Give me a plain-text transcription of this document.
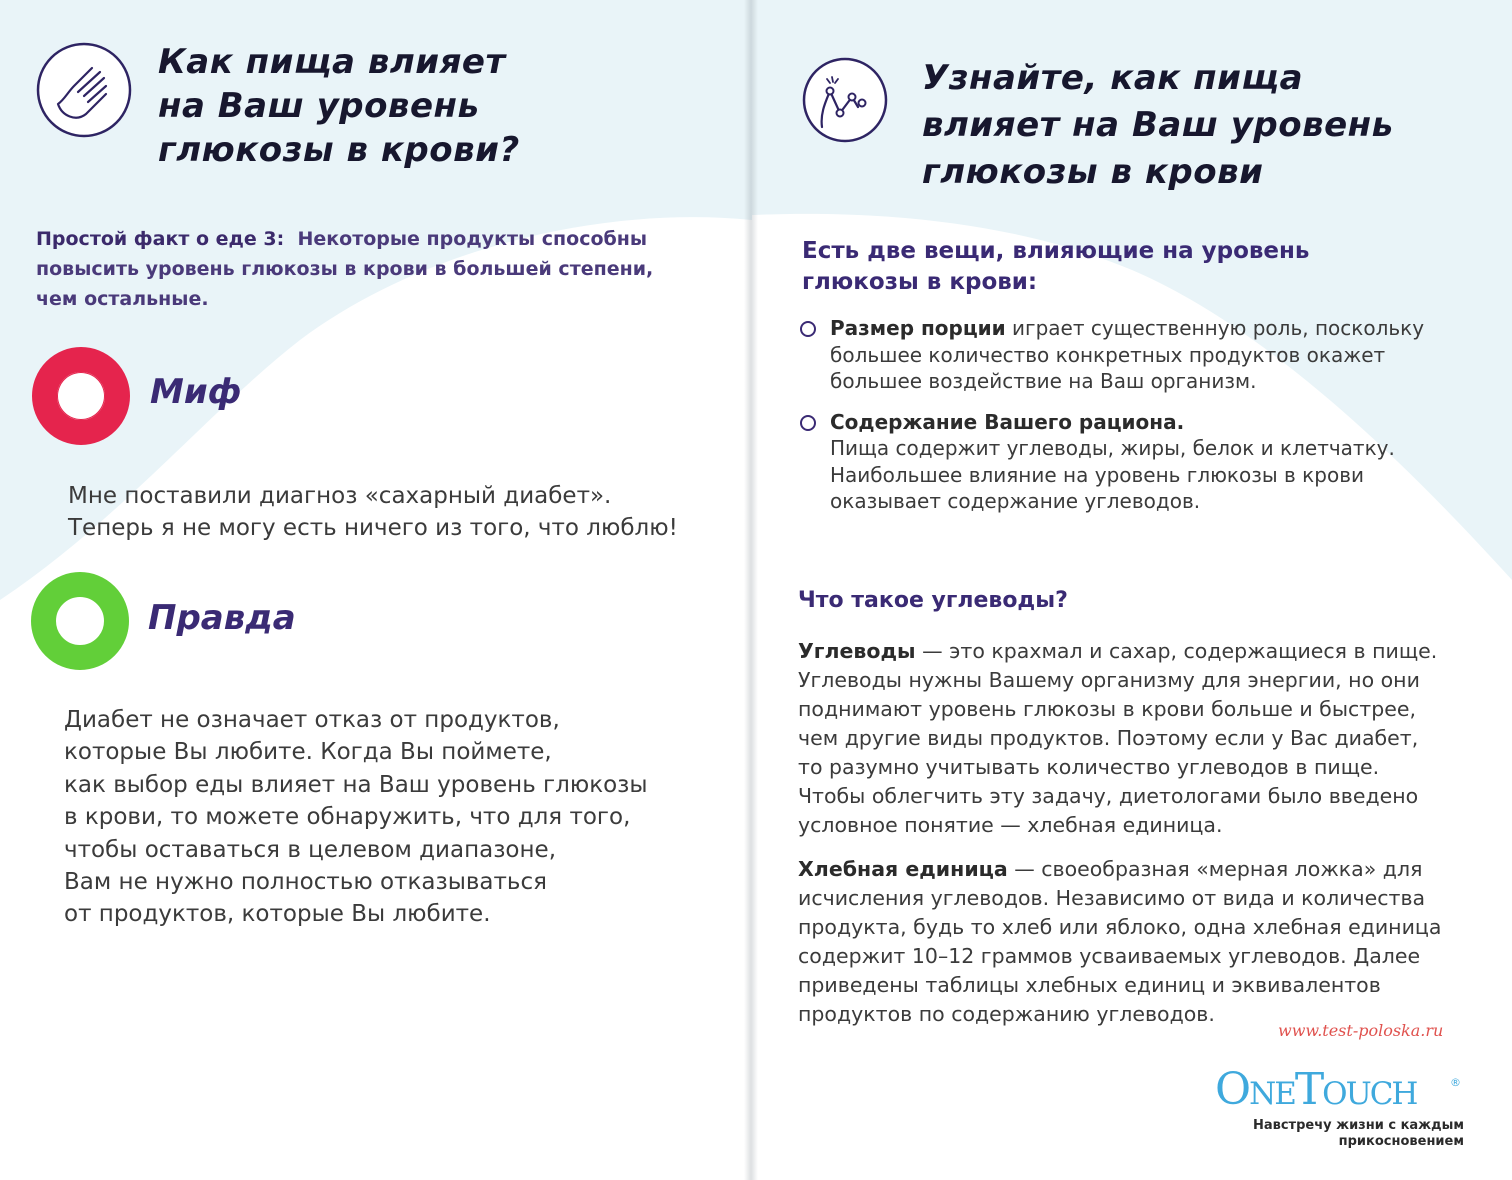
Как пища влияет
на Ваш уровень
глюкозы в крови?
Простой факт о еде 3: Некоторые продукты способны
повысить уровень глюкозы в крови в большей степени,
чем остальные.

Миф

Мне поставили диагноз «сахарный диабет».
Теперь я не могу есть ничего из того, что люблю!

Правда

Диабет не означает отказ от продуктов,
которые Вы любите. Когда Вы поймете,
как выбор еды влияет на Ваш уровень глюкозы
в крови, то можете обнаружить, что для того,
чтобы оставаться в целевом диапазоне,
Вам не нужно полностью отказываться
от продуктов, которые Вы любите.

Узнайте, как пища
влияет на Ваш уровень
глюкозы в крови

Есть две вещи, влияющие на уровень
глюкозы в крови:

Размер порции играет существенную роль, поскольку
большее количество конкретных продуктов окажет
большее воздействие на Ваш организм.
Содержание Вашего рациона.
Пища содержит углеводы, жиры, белок и клетчатку.
Наибольшее влияние на уровень глюкозы в крови
оказывает содержание углеводов.

Что такое углеводы?

Углеводы — это крахмал и сахар, содержащиеся в пище.
Углеводы нужны Вашему организму для энергии, но они
поднимают уровень глюкозы в крови больше и быстрее,
чем другие виды продуктов. Поэтому если у Вас диабет,
то разумно учитывать количество углеводов в пище.
Чтобы облегчить эту задачу, диетологами было введено
условное понятие — хлебная единица.

Хлебная единица — своеобразная «мерная ложка» для
исчисления углеводов. Независимо от вида и количества
продукта, будь то хлеб или яблоко, одна хлебная единица
содержит 10–12 граммов усваиваемых углеводов. Далее
приведены таблицы хлебных единиц и эквивалентов
продуктов по содержанию углеводов.

www.test-poloska.ru

OneTouch	®

Навстречу жизни с каждым
прикосновением
